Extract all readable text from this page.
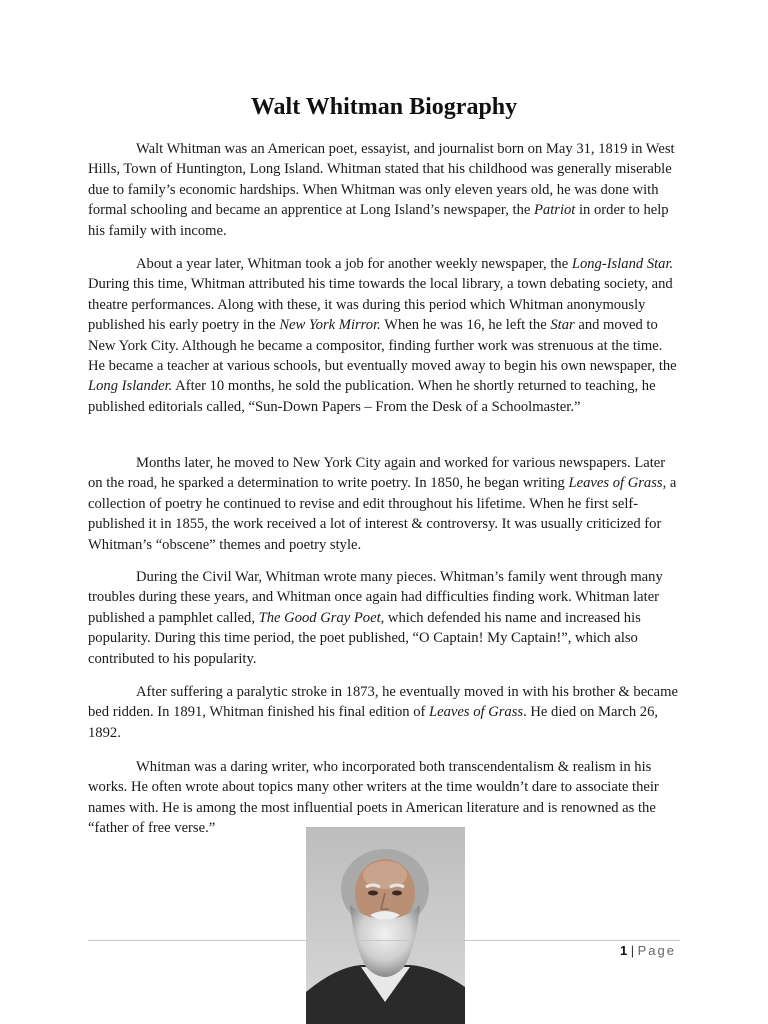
Walt Whitman Biography

Walt Whitman was an American poet, essayist, and journalist born on May 31, 1819 in West Hills, Town of Huntington, Long Island. Whitman stated that his childhood was generally miserable due to family’s economic hardships. When Whitman was only eleven years old, he was done with formal schooling and became an apprentice at Long Island’s newspaper, the Patriot in order to help his family with income.

About a year later, Whitman took a job for another weekly newspaper, the Long-Island Star. During this time, Whitman attributed his time towards the local library, a town debating society, and theatre performances. Along with these, it was during this period which Whitman anonymously published his early poetry in the New York Mirror. When he was 16, he left the Star and moved to New York City. Although he became a compositor, finding further work was strenuous at the time. He became a teacher at various schools, but eventually moved away to begin his own newspaper, the Long Islander. After 10 months, he sold the publication. When he shortly returned to teaching, he published editorials called, “Sun-Down Papers – From the Desk of a Schoolmaster.”

Months later, he moved to New York City again and worked for various newspapers. Later on the road, he sparked a determination to write poetry. In 1850, he began writing Leaves of Grass, a collection of poetry he continued to revise and edit throughout his lifetime. When he first self-published it in 1855, the work received a lot of interest & controversy. It was usually criticized for Whitman’s “obscene” themes and poetry style.

During the Civil War, Whitman wrote many pieces. Whitman’s family went through many troubles during these years, and Whitman once again had difficulties finding work. Whitman later published a pamphlet called, The Good Gray Poet, which defended his name and increased his popularity. During this time period, the poet published, “O Captain! My Captain!”, which also contributed to his popularity.

After suffering a paralytic stroke in 1873, he eventually moved in with his brother & became bed ridden. In 1891, Whitman finished his final edition of Leaves of Grass. He died on March 26, 1892.

Whitman was a daring writer, who incorporated both transcendentalism & realism in his works. He often wrote about topics many other writers at the time wouldn’t dare to associate their names with. He is among the most influential poets in American literature and is renowned as the “father of free verse.”

1 | Page
